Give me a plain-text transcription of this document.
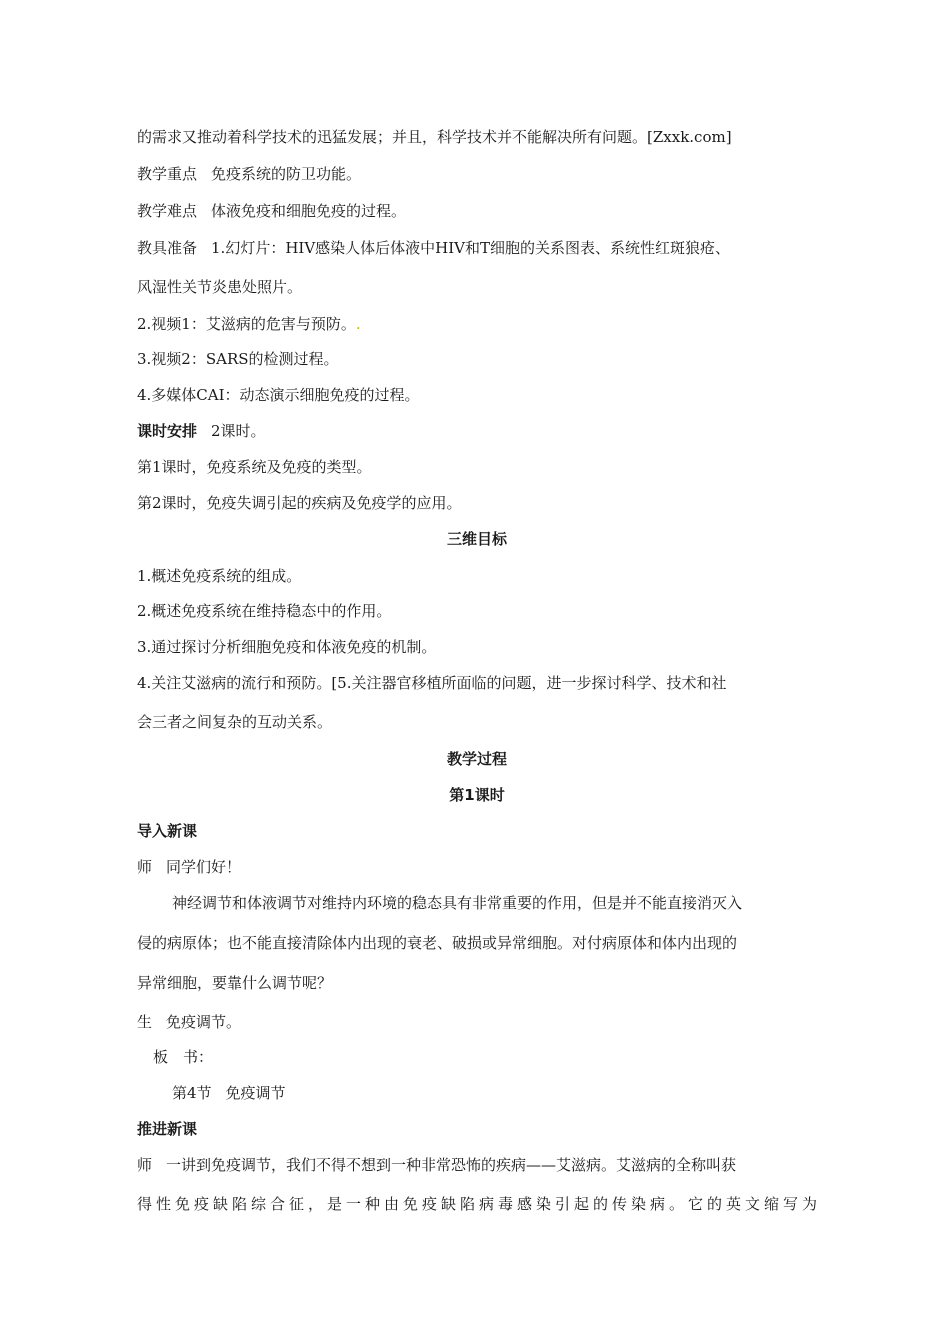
的需求又推动着科学技术的迅猛发展；并且，科学技术并不能解决所有问题。[Zxxk.com]
教学重点 免疫系统的防卫功能。
教学难点 体液免疫和细胞免疫的过程。
教具准备 1.幻灯片：HIV感染人体后体液中HIV和T细胞的关系图表、系统性红斑狼疮、
风湿性关节炎患处照片。
2.视频1：艾滋病的危害与预防。.
3.视频2：SARS的检测过程。
4.多媒体CAI：动态演示细胞免疫的过程。
课时安排 2课时。
第1课时，免疫系统及免疫的类型。
第2课时，免疫失调引起的疾病及免疫学的应用。
三维目标
1.概述免疫系统的组成。
2.概述免疫系统在维持稳态中的作用。
3.通过探讨分析细胞免疫和体液免疫的机制。
4.关注艾滋病的流行和预防。[5.关注器官移植所面临的问题，进一步探讨科学、技术和社
会三者之间复杂的互动关系。
教学过程
第1课时
导入新课
师 同学们好！
神经调节和体液调节对维持内环境的稳态具有非常重要的作用，但是并不能直接消灭入
侵的病原体；也不能直接清除体内出现的衰老、破损或异常细胞。对付病原体和体内出现的
异常细胞，要靠什么调节呢？
生 免疫调节。
板　书：
第4节 免疫调节
推进新课
师 一讲到免疫调节，我们不得不想到一种非常恐怖的疾病——艾滋病。艾滋病的全称叫获
得性免疫缺陷综合征，是一种由免疫缺陷病毒感染引起的传染病。它的英文缩写为
